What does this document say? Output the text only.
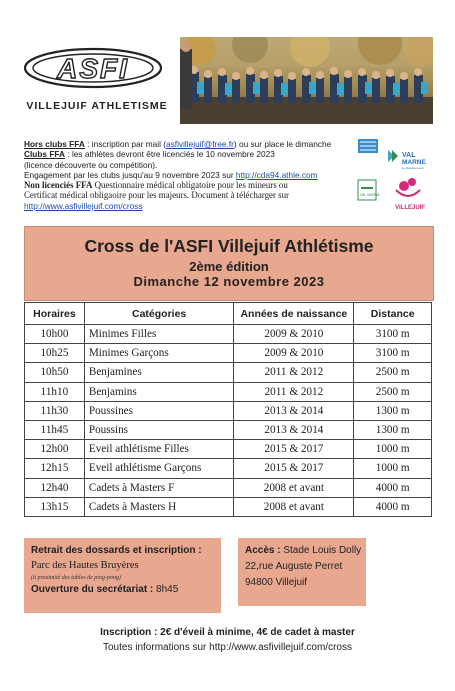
ASFI
VILLEJUIF ATHLETISME
Hors clubs FFA : inscription par mail (asfivillejuif@free.fr) ou sur place le dimanche
Clubs FFA : les athlètes devront être licenciés le 10 novembre 2023
(licence découverte ou compétition).
Engagement par les clubs jusqu'au 9 novembre 2023 sur http://cda94.athle.com
Non licenciés FFA Questionnaire médical obligatoire pour les mineurs ou
Certificat médical obligaoire pour les majeurs. Document à télécharger sur
http://www.asfivillejuif.com/cross
VAL
MARNE
Le Département
VAL MARNE
VILLEJUIF
Cross de l'ASFI Villejuif Athlétisme
2ème édition
Dimanche 12 novembre 2023
Horaires	Catégories	Années de naissance	Distance
10h00	Minimes Filles	2009 & 2010	3100 m
10h25	Minimes Garçons	2009 & 2010	3100 m
10h50	Benjamines	2011 & 2012	2500 m
11h10	Benjamins	2011 & 2012	2500 m
11h30	Poussines	2013 & 2014	1300 m
11h45	Poussins	2013 & 2014	1300 m
12h00	Eveil athlétisme Filles	2015 & 2017	1000 m
12h15	Eveil athlétisme Garçons	2015 & 2017	1000 m
12h40	Cadets à Masters F	2008 et avant	4000 m
13h15	Cadets à Masters H	2008 et avant	4000 m
Retrait des dossards et inscription :
Parc des Hautes Bruyères
(à proximité des tables de ping-pong)
Ouverture du secrétariat : 8h45
Accès : Stade Louis Dolly
22,rue Auguste Perret
94800 Villejuif
Inscription : 2€ d'éveil à minime, 4€ de cadet à master
Toutes informations sur http://www.asfivillejuif.com/cross
